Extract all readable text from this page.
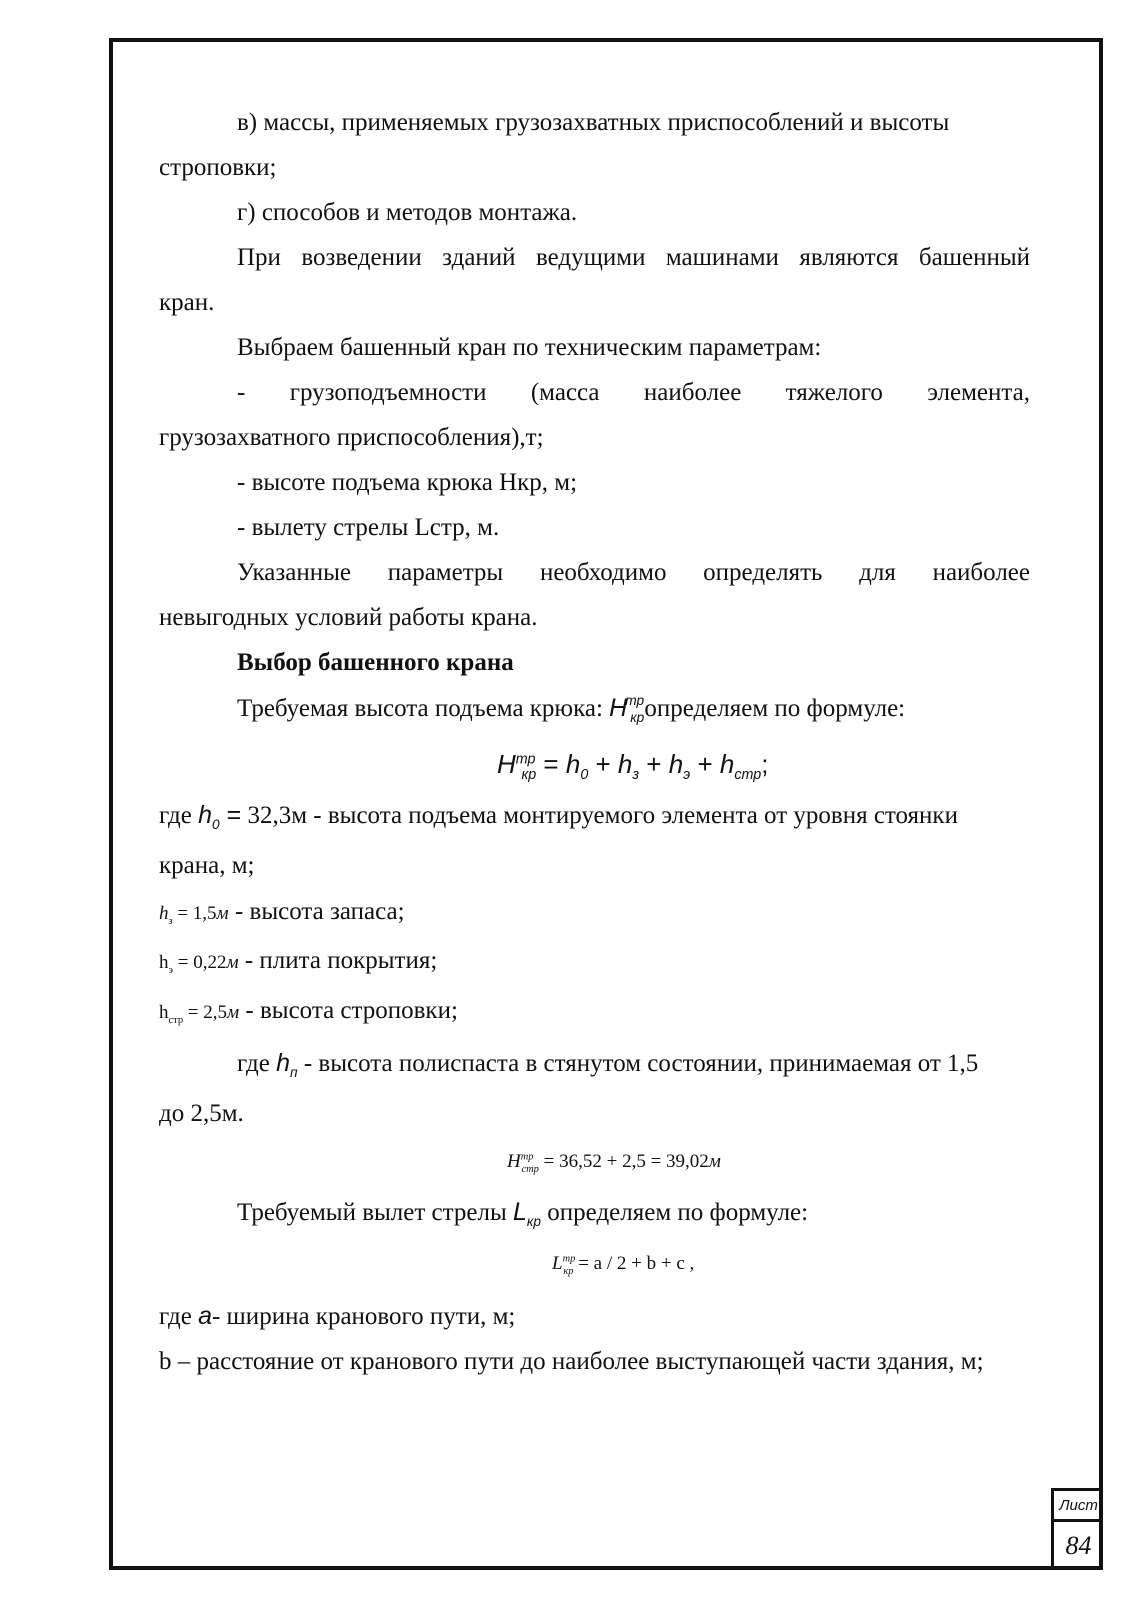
в) массы, применяемых грузозахватных приспособлений и высоты
строповки;
г) способов и методов монтажа.
При возведении зданий ведущими машинами являются башенный
кран.
Выбраем башенный кран по техническим параметрам:
- грузоподъемности (масса наиболее тяжелого элемента,
грузозахватного приспособления),т;
- высоте подъема крюка Нкр, м;
- вылету стрелы Lстр, м.
Указанные параметры необходимо определять для наиболее
невыгодных условий работы крана.
Выбор башенного крана
Требуемая высота подъема крюка: $H^{тр}_{кр}определяем$ по формуле:
$H^{тр}_{кр} = h_0 + h_з + h_э + h_{стр}$;
где $h_0 = 32,3м$ - высота подъема монтируемого элемента от уровня стоянки
крана, м;
$h_з = 1,5м$ - высота запаса;
$h_э = 0,22м$ - плита покрытия;
$h_{стр} = 2,5м$ - высота строповки;
где $h_п$ - высота полиспаста в стянутом состоянии, принимаемая от 1,5
до 2,5м.
$H^{тр}_{стр} = 36,52 + 2,5 = 39,02м$
Требуемый вылет стрелы $L_{кр}$ определяем по формуле:
$L^{тр}_{кр} = a / 2 + b + c$ ,
где a- ширина кранового пути, м;
b – расстояние от кранового пути до наиболее выступающей части здания, м;
Лист
84
